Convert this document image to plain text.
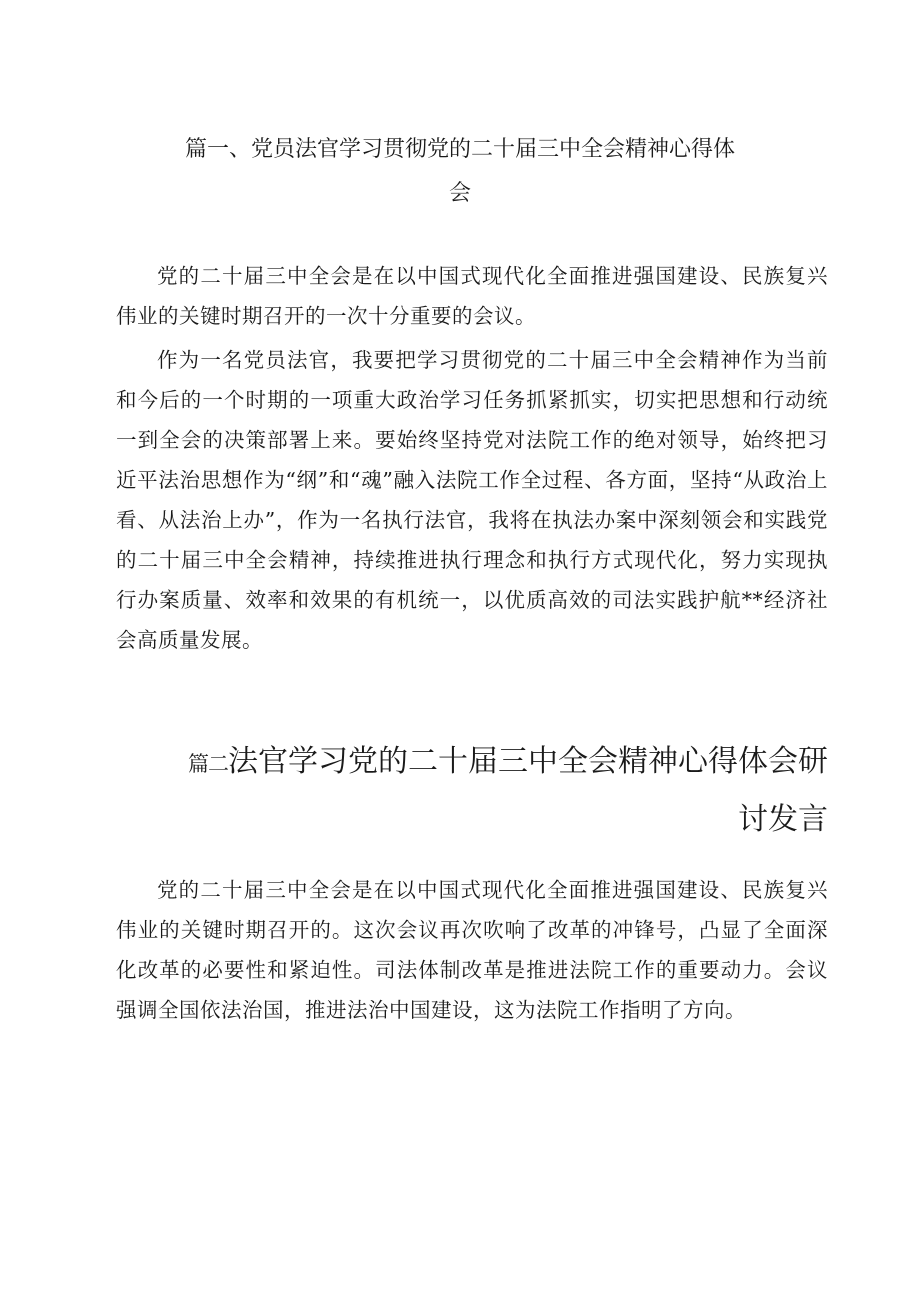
篇一、党员法官学习贯彻党的二十届三中全会精神心得体
会

党的二十届三中全会是在以中国式现代化全面推进强国建设、民族复兴伟业的关键时期召开的一次十分重要的会议。

作为一名党员法官，我要把学习贯彻党的二十届三中全会精神作为当前和今后的一个时期的一项重大政治学习任务抓紧抓实，切实把思想和行动统一到全会的决策部署上来。要始终坚持党对法院工作的绝对领导，始终把习近平法治思想作为“纲”和“魂”融入法院工作全过程、各方面，坚持“从政治上看、从法治上办”，作为一名执行法官，我将在执法办案中深刻领会和实践党的二十届三中全会精神，持续推进执行理念和执行方式现代化，努力实现执行办案质量、效率和效果的有机统一，以优质高效的司法实践护航**经济社会高质量发展。

篇二法官学习党的二十届三中全会精神心得体会研
讨发言

党的二十届三中全会是在以中国式现代化全面推进强国建设、民族复兴伟业的关键时期召开的。这次会议再次吹响了改革的冲锋号，凸显了全面深化改革的必要性和紧迫性。司法体制改革是推进法院工作的重要动力。会议强调全国依法治国，推进法治中国建设，这为法院工作指明了方向。
